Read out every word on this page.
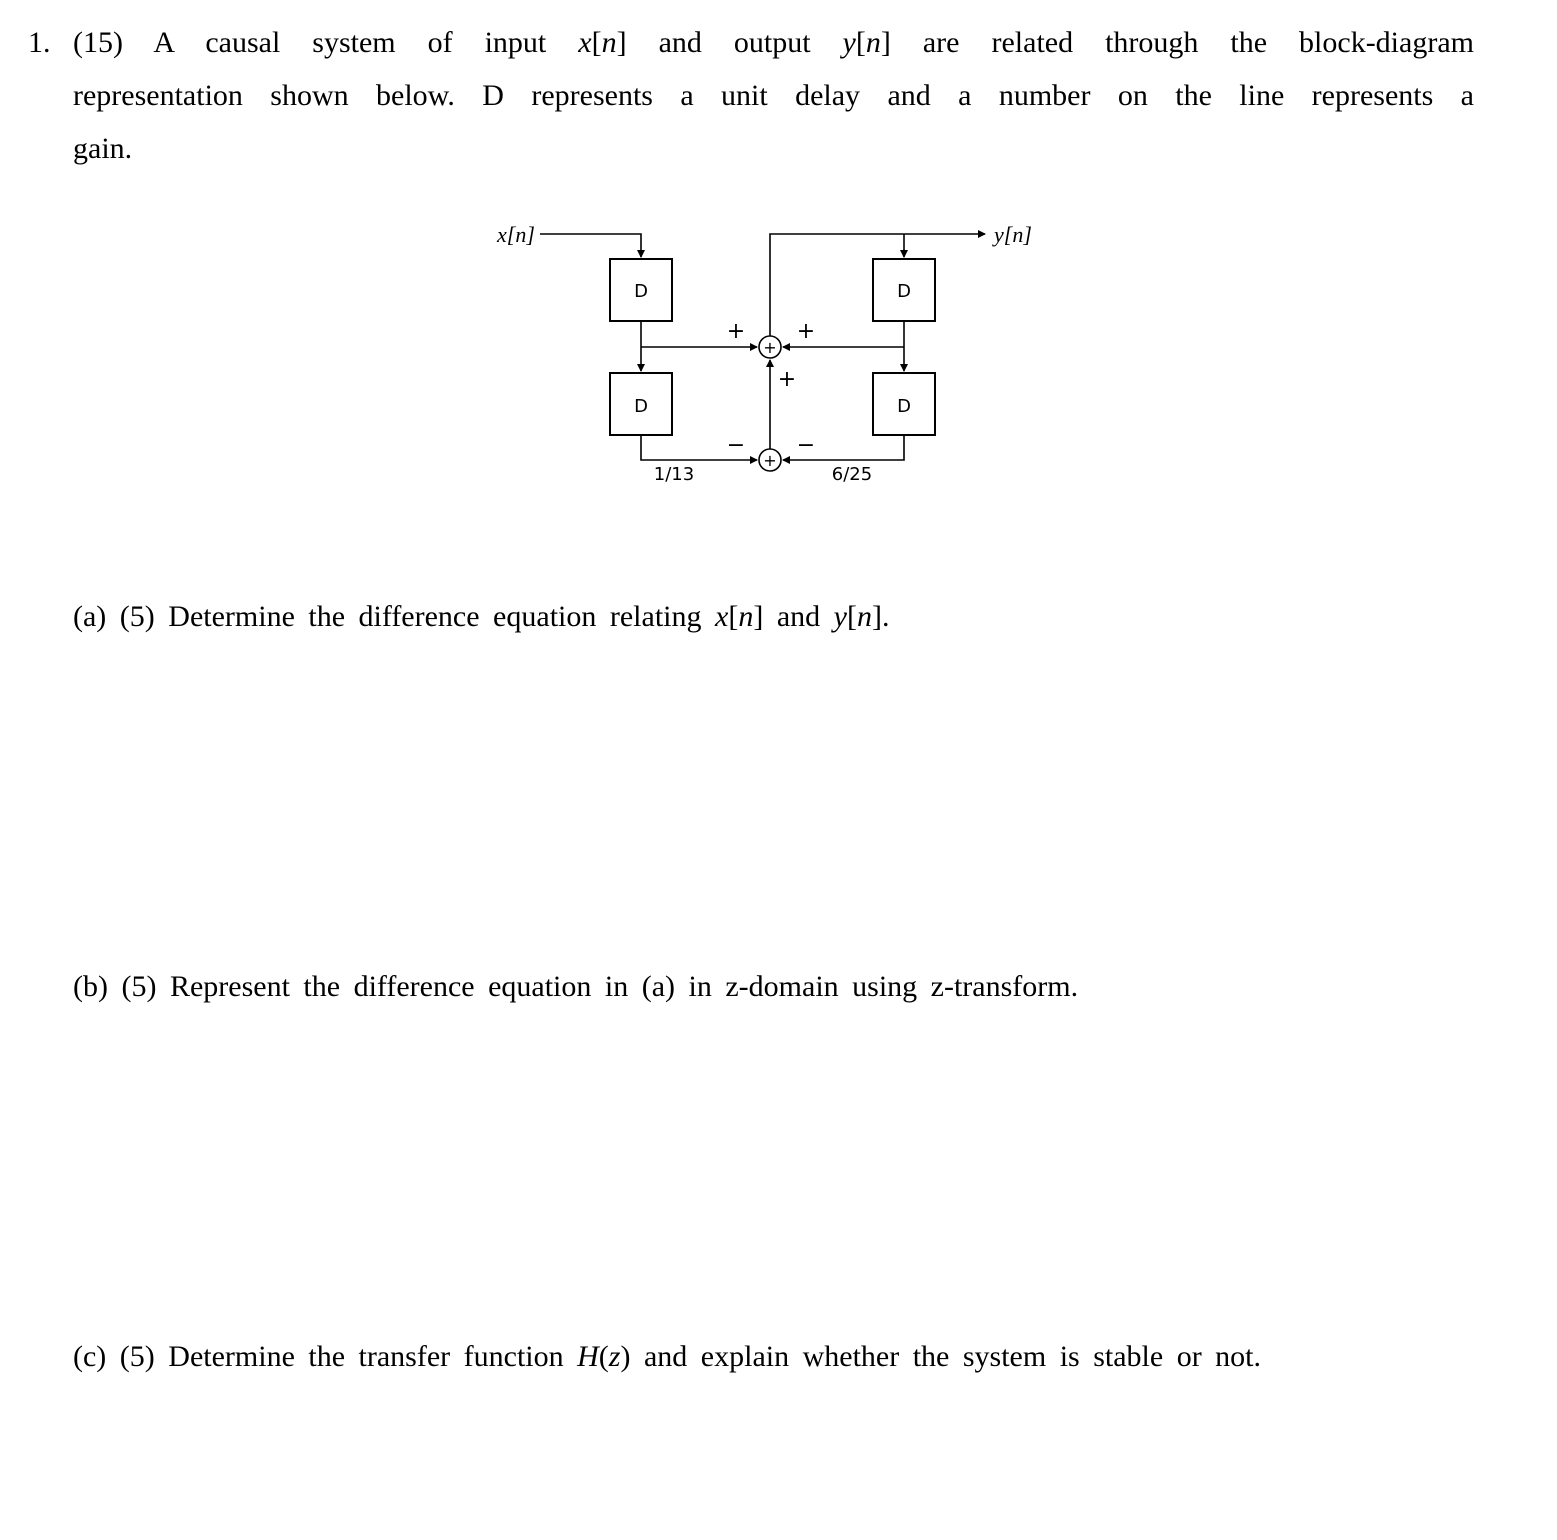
1. (15) A causal system of input x[n] and output y[n] are related through the block-diagram
representation shown below. D represents a unit delay and a number on the line represents a
gain.
x[n]	y[n]
D
D
D
D
+
+
+ +
+
− −
1/13	6/25
(a) (5) Determine the difference equation relating x[n] and y[n].
(b) (5) Represent the difference equation in (a) in z-domain using z-transform.
(c) (5) Determine the transfer function H(z) and explain whether the system is stable or not.
